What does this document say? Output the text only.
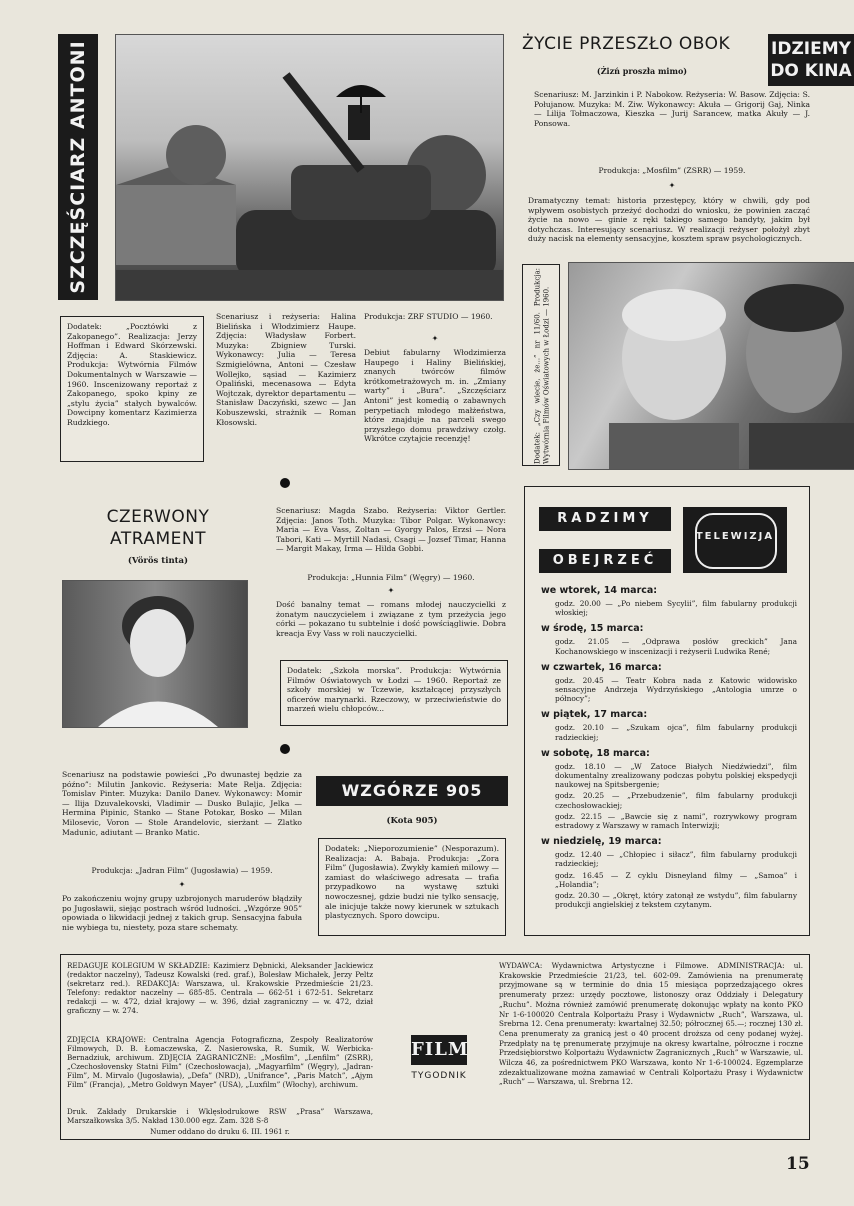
SZCZĘŚCIARZ ANTONI
Dodatek: „Pocztówki z Zakopanego”. Realizacja: Jerzy Hoffman i Edward Skórzewski. Zdjęcia: A. Staskiewicz. Produkcja: Wytwórnia Filmów Dokumentalnych w Warszawie — 1960. Inscenizowany reportaż z Zakopanego, spoko kpiny ze „stylu życia” stałych bywalców. Dowcipny komentarz Kazimierza Rudzkiego.
Scenariusz i reżyseria: Halina Bielińska i Włodzimierz Haupe. Zdjęcia: Władysław Forbert. Muzyka: Zbigniew Turski. Wykonawcy: Julia — Teresa Szmigielówna, Antoni — Czesław Wollejko, sąsiad — Kazimierz Opaliński, mecenasowa — Edyta Wojtczak, dyrektor departamentu — Stanisław Daczyński, szewc — Jan Kobuszewski, strażnik — Roman Kłosowski.
Produkcja: ZRF STUDIO — 1960.
✦
Debiut fabularny Włodzimierza Haupego i Haliny Bielińskiej, znanych twórców filmów krótkometrażowych m. in. „Zmiany warty” i „Bura”. „Szczęściarz Antoni” jest komedią o zabawnych perypetiach młodego małżeństwa, które znajduje na parceli swego przyszłego domu prawdziwy czołg. Wkrótce czytajcie recenzję!
ŻYCIE PRZESZŁO OBOK	IDZIEMY DO KINA
(Żizń proszła mimo)
Scenariusz: M. Jarzinkin i P. Nabokow. Reżyseria: W. Basow. Zdjęcia: S. Połujanow. Muzyka: M. Ziw. Wykonawcy: Akuła — Grigorij Gaj, Ninka — Lilija Tołmaczowa, Kieszka — Jurij Sarancew, matka Akuły — J. Ponsowa.
Produkcja: „Mosfilm” (ZSRR) — 1959.
✦
Dramatyczny temat: historia przestępcy, który w chwili, gdy pod wpływem osobistych przeżyć dochodzi do wniosku, że powinien zacząć życie na nowo — ginie z ręki takiego samego bandyty, jakim był dotychczas. Interesujący scenariusz. W realizacji reżyser położył zbyt duży nacisk na elementy sensacyjne, kosztem spraw psychologicznych.
Dodatek: „Czy wiecie, że...” nr 11/60. Produkcja: Wytwórnia Filmów Oświatowych w Łodzi — 1960.
CZERWONY
ATRAMENT
(Vörös tinta)
Scenariusz: Magda Szabo. Reżyseria: Viktor Gertler. Zdjęcia: Janos Toth. Muzyka: Tibor Polgar. Wykonawcy: Maria — Eva Vass, Zoltan — Gyorgy Palos, Erzsi — Nora Tabori, Kati — Myrtill Nadasi, Csagi — Jozsef Timar, Hanna — Margit Makay, Irma — Hilda Gobbi.
Produkcja: „Hunnia Film” (Węgry) — 1960.
✦
Dość banalny temat — romans młodej nauczycielki z żonatym nauczycielem i związane z tym przeżycia jego córki — pokazano tu subtelnie i dość powściągliwie. Dobra kreacja Evy Vass w roli nauczycielki.
Dodatek: „Szkoła morska”. Produkcja: Wytwórnia Filmów Oświatowych w Łodzi — 1960. Reportaż ze szkoły morskiej w Tczewie, kształcącej przyszłych oficerów marynarki. Rzeczowy, w przeciwieństwie do marzeń wielu chłopców...
Scenariusz na podstawie powieści „Po dwunastej będzie za późno”: Milutin Jankovic. Reżyseria: Mate Relja. Zdjęcia: Tomislav Pinter. Muzyka: Danilo Danev. Wykonawcy: Momir — Ilija Dzuvalekovski, Vladimir — Dusko Bulajic, Jelka — Hermina Pipinic, Stanko — Stane Potokar, Bosko — Milan Milosevic, Voron — Stole Arandelovic, sierżant — Zlatko Madunic, adiutant — Branko Matic.
Produkcja: „Jadran Film” (Jugosławia) — 1959.
✦
Po zakończeniu wojny grupy uzbrojonych maruderów błądziły po Jugosławii, siejąc postrach wśród ludności. „Wzgórze 905” opowiada o likwidacji jednej z takich grup. Sensacyjna fabuła nie wybiega tu, niestety, poza stare schematy.
WZGÓRZE 905
(Kota 905)
Dodatek: „Nieporozumienie” (Nesporazum). Realizacja: A. Babaja. Produkcja: „Zora Film” (Jugosławia). Zwykły kamień milowy — zamiast do właściwego adresata — trafia przypadkowo na wystawę sztuki nowoczesnej, gdzie budzi nie tylko sensację, ale inicjuje także nowy kierunek w sztukach plastycznych. Sporo dowcipu.
RADZIMY
OBEJRZEĆ
TELEWIZJA
we wtorek, 14 marca:
godz. 20.00 — „Po niebem Sycylii”, film fabularny produkcji włoskiej;
w środę, 15 marca:
godz. 21.05 — „Odprawa posłów greckich” Jana Kochanowskiego w inscenizacji i reżyserii Ludwika René;
w czwartek, 16 marca:
godz. 20.45 — Teatr Kobra nada z Katowic widowisko sensacyjne Andrzeja Wydrzyńskiego „Antologia umrze o północy”;
w piątek, 17 marca:
godz. 20.10 — „Szukam ojca”, film fabularny produkcji radzieckiej;
w sobotę, 18 marca:
godz. 18.10 — „W Zatoce Białych Niedźwiedzi”, film dokumentalny zrealizowany podczas pobytu polskiej ekspedycji naukowej na Spitsbergenie;
godz. 20.25 — „Przebudzenie”, film fabularny produkcji czechosłowackiej;
godz. 22.15 — „Bawcie się z nami”, rozrywkowy program estradowy z Warszawy w ramach Interwizji;
w niedzielę, 19 marca:
godz. 12.40 — „Chłopiec i siłacz”, film fabularny produkcji radzieckiej;
godz. 16.45 — Z cyklu Disneyland filmy — „Samoa” i „Holandia”;
godz. 20.30 — „Okręt, który zatonął ze wstydu”, film fabularny produkcji angielskiej z tekstem czytanym.
REDAGUJE KOLEGIUM W SKŁADZIE: Kazimierz Dębnicki, Aleksander Jackiewicz (redaktor naczelny), Tadeusz Kowalski (red. graf.), Bolesław Michałek, Jerzy Peltz (sekretarz red.). REDAKCJA: Warszawa, ul. Krakowskie Przedmieście 21/23. Telefony: redaktor naczelny — 685-85. Centrala — 662-51 i 672-51. Sekretarz redakcji — w. 472, dział krajowy — w. 396, dział zagraniczny — w. 472, dział graficzny — w. 274.
ZDJĘCIA KRAJOWE: Centralna Agencja Fotograficzna, Zespoły Realizatorów Filmowych, D. B. Łomaczewska, Z. Nasierowska, R. Sumik, W. Werbicka-Bernadziuk, archiwum. ZDJĘCIA ZAGRANICZNE: „Mosfilm”, „Lenfilm” (ZSRR), „Czechosłovensky Statni Film” (Czechosłowacja), „Magyarfilm” (Węgry), „Jadran-Film”, M. Mirvalo (Jugosławia), „Defa” (NRD), „Unifrance”, „Paris Match”, „Ajym Film” (Francja), „Metro Goldwyn Mayer” (USA), „Luxfilm” (Włochy), archiwum.
Druk. Zakłady Drukarskie i Wklęsłodrukowe RSW „Prasa” Warszawa, Marszałkowska 3/5. Nakład 130.000 egz. Zam. 328 S-8
Numer oddano do druku 6. III. 1961 r.
FILM
TYGODNIK
WYDAWCA: Wydawnictwa Artystyczne i Filmowe. ADMINISTRACJA: ul. Krakowskie Przedmieście 21/23, tel. 602-09. Zamówienia na prenumeratę przyjmowane są w terminie do dnia 15 miesiąca poprzedzającego okres prenumeraty przez: urzędy pocztowe, listonoszy oraz Oddziały i Delegatury „Ruchu”. Można również zamówić prenumeratę dokonując wpłaty na konto PKO Nr 1-6-100020 Centrala Kolportażu Prasy i Wydawnictw „Ruch”, Warszawa, ul. Srebrna 12. Cena prenumeraty: kwartalnej 32.50; półrocznej 65.—; rocznej 130 zł. Cena prenumeraty za granicą jest o 40 procent droższa od ceny podanej wyżej. Przedpłaty na tę prenumeratę przyjmuje na okresy kwartalne, półroczne i roczne Przedsiębiorstwo Kolportażu Wydawnictw Zagranicznych „Ruch” w Warszawie, ul. Wilcza 46, za pośrednictwem PKO Warszawa, konto Nr 1-6-100024. Egzemplarze zdezaktualizowane można zamawiać w Centrali Kolportażu Prasy i Wydawnictw „Ruch” — Warszawa, ul. Srebrna 12.
15
